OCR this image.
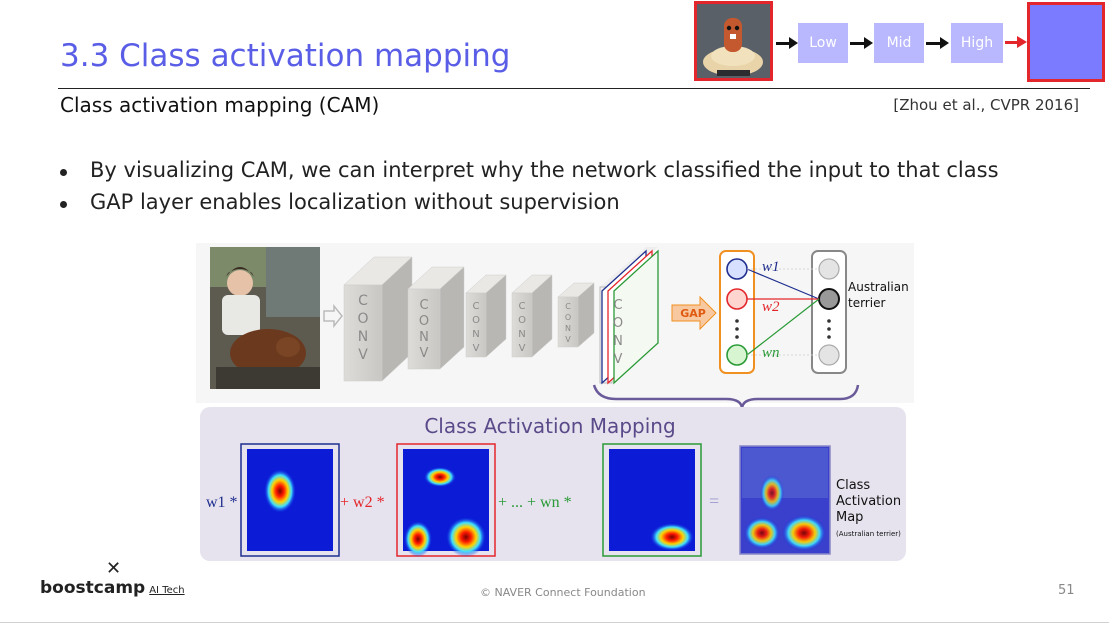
3.3 Class activation mapping
Class activation mapping (CAM)	[Zhou et al., CVPR 2016]
By visualizing CAM, we can interpret why the network classified the input to that class
GAP layer enables localization without supervision
Low	Mid	High
C
O
N
V
C
O
N
V
C
O
N
V
C
O
N
V
C
O
N
V
C
O
N
V
GAP
w1
w2
wn
Australian
terrier
Class Activation Mapping
w1 *	+ w2 *	+ ... + wn *	=
Class
Activation
Map
(Australian terrier)
✕
boostcamp AI Tech	© NAVER Connect Foundation	51
